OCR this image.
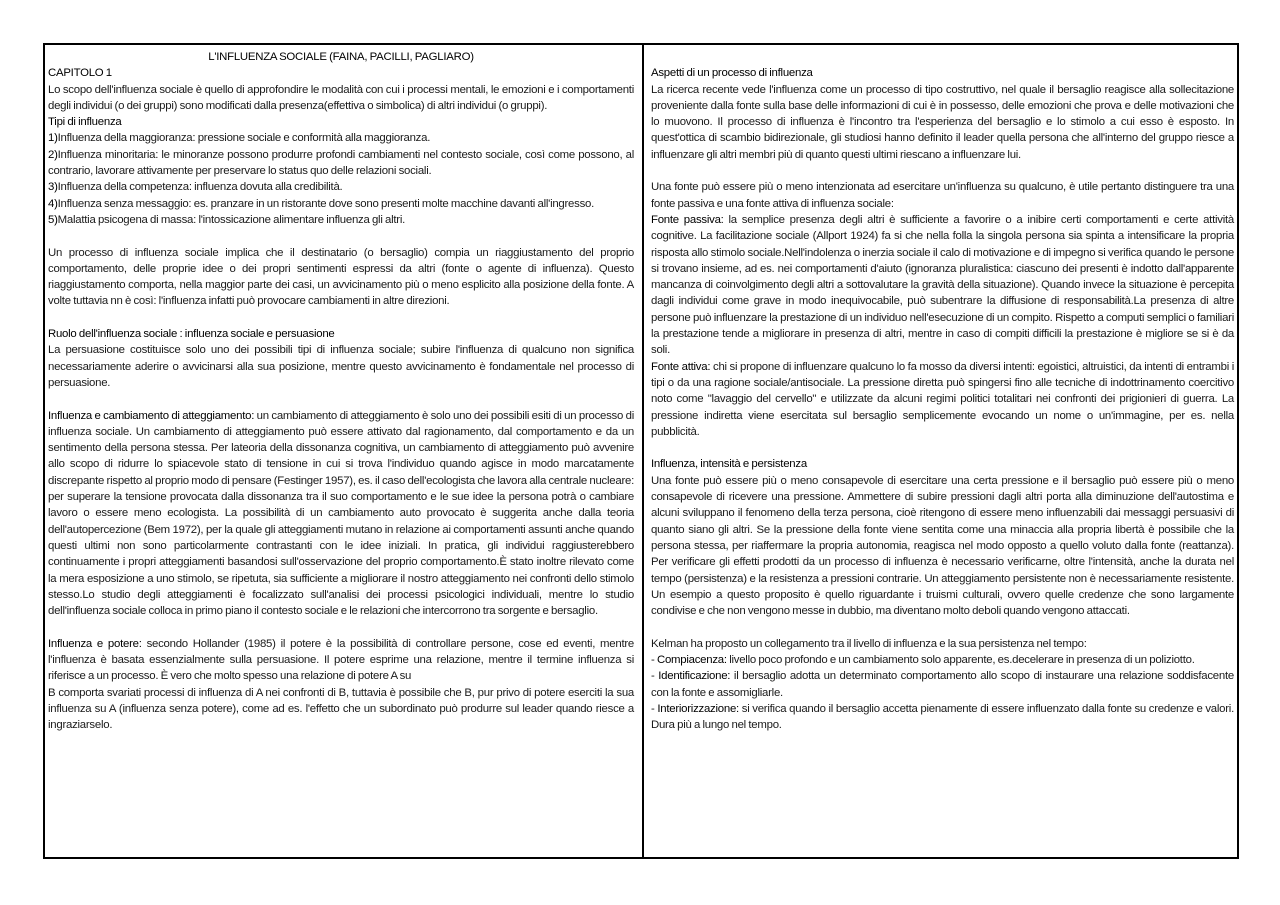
L'INFLUENZA SOCIALE (FAINA, PACILLI, PAGLIARO)

CAPITOLO 1

Lo scopo dell'influenza sociale è quello di approfondire le modalità con cui i processi mentali, le emozioni e i comportamenti degli individui (o dei gruppi) sono modificati dalla presenza(effettiva o simbolica) di altri individui (o gruppi).

Tipi di influenza

1)Influenza della maggioranza: pressione sociale e conformità alla maggioranza.

2)Influenza minoritaria: le minoranze possono produrre profondi cambiamenti nel contesto sociale, così come possono, al contrario, lavorare attivamente per preservare lo status quo delle relazioni sociali.

3)Influenza della competenza: influenza dovuta alla credibilità.

4)Influenza senza messaggio: es. pranzare in un ristorante dove sono presenti molte macchine davanti all'ingresso.

5)Malattia psicogena di massa: l'intossicazione alimentare influenza gli altri.

Un processo di influenza sociale implica che il destinatario (o bersaglio) compia un riaggiustamento del proprio comportamento, delle proprie idee o dei propri sentimenti espressi da altri (fonte o agente di influenza). Questo riaggiustamento comporta, nella maggior parte dei casi, un avvicinamento più o meno esplicito alla posizione della fonte. A volte tuttavia nn è così: l'influenza infatti può provocare cambiamenti in altre direzioni.

Ruolo dell'influenza sociale : influenza sociale e persuasione

La persuasione costituisce solo uno dei possibili tipi di influenza sociale; subire l'influenza di qualcuno non significa necessariamente aderire o avvicinarsi alla sua posizione, mentre questo avvicinamento è fondamentale nel processo di persuasione.

Influenza e cambiamento di atteggiamento: un cambiamento di atteggiamento è solo uno dei possibili esiti di un processo di influenza sociale. Un cambiamento di atteggiamento può essere attivato dal ragionamento, dal comportamento e da un sentimento della persona stessa. Per lateoria della dissonanza cognitiva, un cambiamento di atteggiamento può avvenire allo scopo di ridurre lo spiacevole stato di tensione in cui si trova l'individuo quando agisce in modo marcatamente discrepante rispetto al proprio modo di pensare (Festinger 1957), es. il caso dell'ecologista che lavora alla centrale nucleare: per superare la tensione provocata dalla dissonanza tra il suo comportamento e le sue idee la persona potrà o cambiare lavoro o essere meno ecologista. La possibilità di un cambiamento auto provocato è suggerita anche dalla teoria dell'autopercezione (Bem 1972), per la quale gli atteggiamenti mutano in relazione ai comportamenti assunti anche quando questi ultimi non sono particolarmente contrastanti con le idee iniziali. In pratica, gli individui raggiusterebbero continuamente i propri atteggiamenti basandosi sull'osservazione del proprio comportamento.È stato inoltre rilevato come la mera esposizione a uno stimolo, se ripetuta, sia sufficiente a migliorare il nostro atteggiamento nei confronti dello stimolo stesso.Lo studio degli atteggiamenti è focalizzato sull'analisi dei processi psicologici individuali, mentre lo studio dell'influenza sociale colloca in primo piano il contesto sociale e le relazioni che intercorrono tra sorgente e bersaglio.

Influenza e potere: secondo Hollander (1985) il potere è la possibilità di controllare persone, cose ed eventi, mentre l'influenza è basata essenzialmente sulla persuasione. Il potere esprime una relazione, mentre il termine influenza si riferisce a un processo. È vero che molto spesso una relazione di potere A su

B comporta svariati processi di influenza di A nei confronti di B, tuttavia è possibile che B, pur privo di potere eserciti la sua influenza su A (influenza senza potere), come ad es. l'effetto che un subordinato può produrre sul leader quando riesce a ingraziarselo.

Aspetti di un processo di influenza

La ricerca recente vede l'influenza come un processo di tipo costruttivo, nel quale il bersaglio reagisce alla sollecitazione proveniente dalla fonte sulla base delle informazioni di cui è in possesso, delle emozioni che prova e delle motivazioni che lo muovono. Il processo di influenza è l'incontro tra l'esperienza del bersaglio e lo stimolo a cui esso è esposto. In quest'ottica di scambio bidirezionale, gli studiosi hanno definito il leader quella persona che all'interno del gruppo riesce a influenzare gli altri membri più di quanto questi ultimi riescano a influenzare lui.

Una fonte può essere più o meno intenzionata ad esercitare un'influenza su qualcuno, è utile pertanto distinguere tra una fonte passiva e una fonte attiva di influenza sociale:

Fonte passiva: la semplice presenza degli altri è sufficiente a favorire o a inibire certi comportamenti e certe attività cognitive. La facilitazione sociale (Allport 1924) fa si che nella folla la singola persona sia spinta a intensificare la propria risposta allo stimolo sociale.Nell'indolenza o inerzia sociale il calo di motivazione e di impegno si verifica quando le persone si trovano insieme, ad es. nei comportamenti d'aiuto (ignoranza pluralistica: ciascuno dei presenti è indotto dall'apparente mancanza di coinvolgimento degli altri a sottovalutare la gravità della situazione). Quando invece la situazione è percepita dagli individui come grave in modo inequivocabile, può subentrare la diffusione di responsabilità.La presenza di altre persone può influenzare la prestazione di un individuo nell'esecuzione di un compito. Rispetto a computi semplici o familiari la prestazione tende a migliorare in presenza di altri, mentre in caso di compiti difficili la prestazione è migliore se si è da soli.

Fonte attiva: chi si propone di influenzare qualcuno lo fa mosso da diversi intenti: egoistici, altruistici, da intenti di entrambi i tipi o da una ragione sociale/antisociale. La pressione diretta può spingersi fino alle tecniche di indottrinamento coercitivo noto come "lavaggio del cervello" e utilizzate da alcuni regimi politici totalitari nei confronti dei prigionieri di guerra. La pressione indiretta viene esercitata sul bersaglio semplicemente evocando un nome o un'immagine, per es. nella pubblicità.

Influenza, intensità e persistenza

Una fonte può essere più o meno consapevole di esercitare una certa pressione e il bersaglio può essere più o meno consapevole di ricevere una pressione. Ammettere di subire pressioni dagli altri porta alla diminuzione dell'autostima e alcuni sviluppano il fenomeno della terza persona, cioè ritengono di essere meno influenzabili dai messaggi persuasivi di quanto siano gli altri. Se la pressione della fonte viene sentita come una minaccia alla propria libertà è possibile che la persona stessa, per riaffermare la propria autonomia, reagisca nel modo opposto a quello voluto dalla fonte (reattanza). Per verificare gli effetti prodotti da un processo di influenza è necessario verificarne, oltre l'intensità, anche la durata nel tempo (persistenza) e la resistenza a pressioni contrarie. Un atteggiamento persistente non è necessariamente resistente. Un esempio a questo proposito è quello riguardante i truismi culturali, ovvero quelle credenze che sono largamente condivise e che non vengono messe in dubbio, ma diventano molto deboli quando vengono attaccati.

Kelman ha proposto un collegamento tra il livello di influenza e la sua persistenza nel tempo:

- Compiacenza: livello poco profondo e un cambiamento solo apparente, es.decelerare in presenza di un poliziotto.

- Identificazione: il bersaglio adotta un determinato comportamento allo scopo di instaurare una relazione soddisfacente con la fonte e assomigliarle.

- Interiorizzazione: si verifica quando il bersaglio accetta pienamente di essere influenzato dalla fonte su credenze e valori. Dura più a lungo nel tempo.
